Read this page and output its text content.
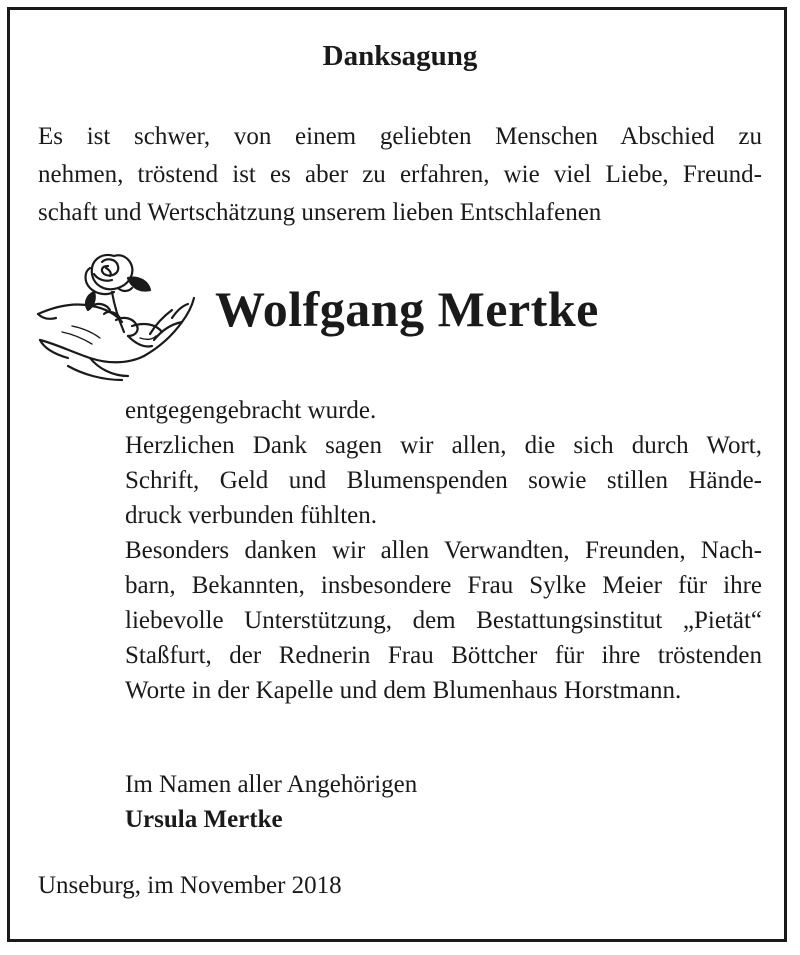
Danksagung
Es ist schwer, von einem geliebten Menschen Abschied zu
nehmen, tröstend ist es aber zu erfahren, wie viel Liebe, Freund-
schaft und Wertschätzung unserem lieben Entschlafenen
Wolfgang Mertke
entgegengebracht wurde.
Herzlichen Dank sagen wir allen, die sich durch Wort,
Schrift, Geld und Blumenspenden sowie stillen Hände-
druck verbunden fühlten.
Besonders danken wir allen Verwandten, Freunden, Nach-
barn, Bekannten, insbesondere Frau Sylke Meier für ihre
liebevolle Unterstützung, dem Bestattungsinstitut „Pietät“
Staßfurt, der Rednerin Frau Böttcher für ihre tröstenden
Worte in der Kapelle und dem Blumenhaus Horstmann.
Im Namen aller Angehörigen
Ursula Mertke
Unseburg, im November 2018
